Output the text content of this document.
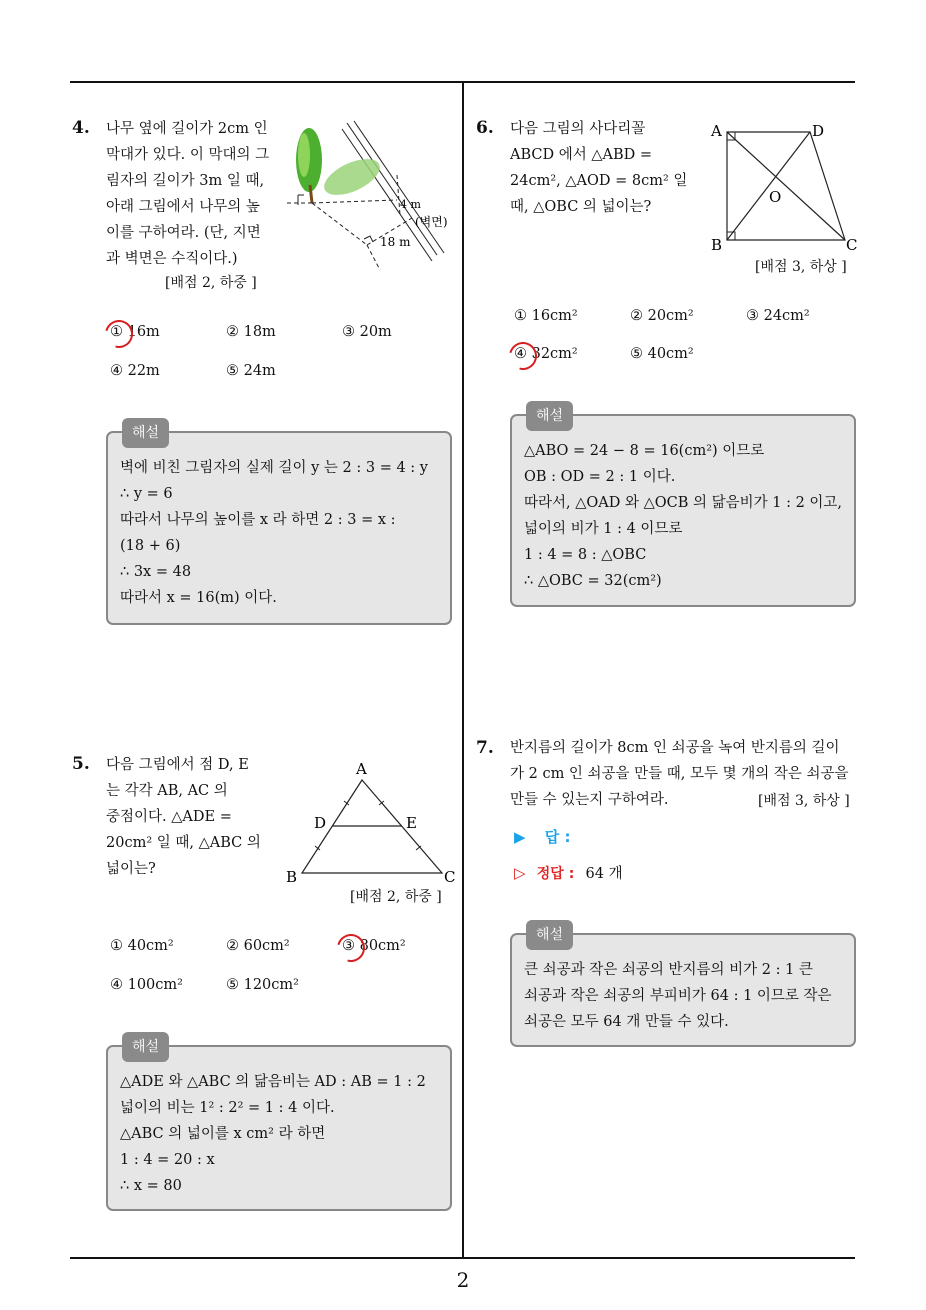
2
4. 나무 옆에 길이가 2cm 인
막대가 있다. 이 막대의 그
림자의 길이가 3m 일 때,
아래 그림에서 나무의 높
이를 구하여라. (단, 지면
과 벽면은 수직이다.)
[배점 2, 하중 ]
4 m
(벽면)
18 m
① 16m	② 18m	③ 20m
④ 22m	⑤ 24m
해설
벽에 비친 그림자의 실제 길이 y 는 2 : 3 = 4 : y
∴ y = 6
따라서 나무의 높이를 x 라 하면 2 : 3 = x :
(18 + 6)
∴ 3x = 48
따라서 x = 16(m) 이다.
5. 다음 그림에서 점 D, E
는 각각 AB, AC 의
중점이다. △ADE =
20cm² 일 때, △ABC 의
넓이는?
[배점 2, 하중 ]
A
D	E
B	C
① 40cm²	② 60cm²	③ 80cm²
④ 100cm²	⑤ 120cm²
해설
△ADE 와 △ABC 의 닮음비는 AD : AB = 1 : 2
넓이의 비는 1² : 2² = 1 : 4 이다.
△ABC 의 넓이를 x cm² 라 하면
1 : 4 = 20 : x
∴ x = 80
6. 다음 그림의 사다리꼴
ABCD 에서 △ABD =
24cm², △AOD = 8cm² 일
때, △OBC 의 넓이는?
[배점 3, 하상 ]
A	D
O
B	C
① 16cm²	② 20cm²	③ 24cm²
④ 32cm²	⑤ 40cm²
해설
△ABO = 24 − 8 = 16(cm²) 이므로
OB : OD = 2 : 1 이다.
따라서, △OAD 와 △OCB 의 닮음비가 1 : 2 이고,
넓이의 비가 1 : 4 이므로
1 : 4 = 8 : △OBC
∴ △OBC = 32(cm²)
7. 반지름의 길이가 8cm 인 쇠공을 녹여 반지름의 길이
가 2 cm 인 쇠공을 만들 때, 모두 몇 개의 작은 쇠공을
만들 수 있는지 구하여라.	[배점 3, 하상 ]
▶ 답 :
▷ 정답 : 64 개
해설
큰 쇠공과 작은 쇠공의 반지름의 비가 2 : 1 큰
쇠공과 작은 쇠공의 부피비가 64 : 1 이므로 작은
쇠공은 모두 64 개 만들 수 있다.
